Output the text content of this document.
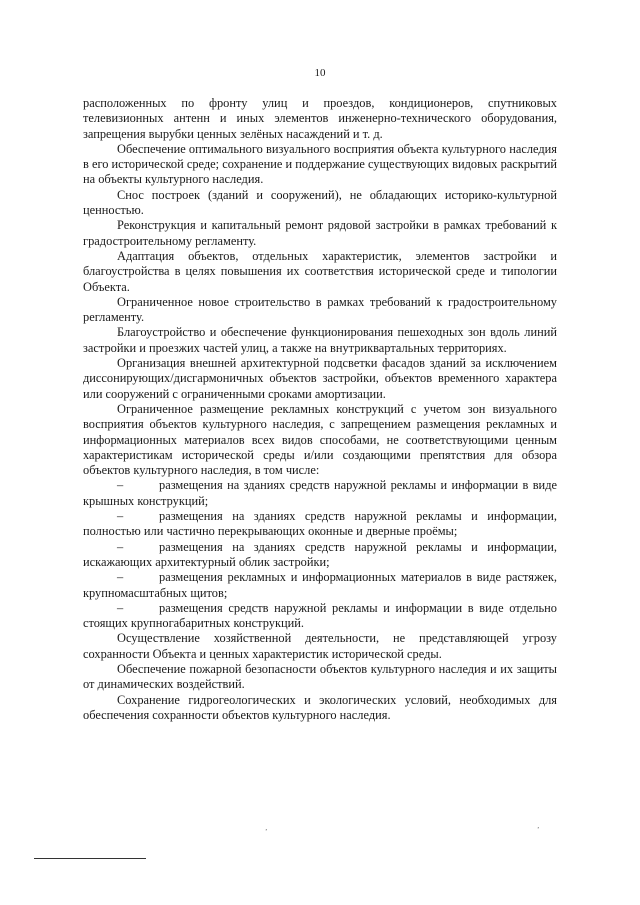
10

расположенных по фронту улиц и проездов, кондиционеров, спутниковых телевизионных антенн и иных элементов инженерно-технического оборудования, запрещения вырубки ценных зелёных насаждений и т. д.

Обеспечение оптимального визуального восприятия объекта культурного наследия в его исторической среде; сохранение и поддержание существующих видовых раскрытий на объекты культурного наследия.

Снос построек (зданий и сооружений), не обладающих историко-культурной ценностью.

Реконструкция и капитальный ремонт рядовой застройки в рамках требований к градостроительному регламенту.

Адаптация объектов, отдельных характеристик, элементов застройки и благоустройства в целях повышения их соответствия исторической среде и типологии Объекта.

Ограниченное новое строительство в рамках требований к градостроительному регламенту.

Благоустройство и обеспечение функционирования пешеходных зон вдоль линий застройки и проезжих частей улиц, а также на внутриквартальных территориях.

Организация внешней архитектурной подсветки фасадов зданий за исключением диссонирующих/дисгармоничных объектов застройки, объектов временного характера или сооружений с ограниченными сроками амортизации.

Ограниченное размещение рекламных конструкций с учетом зон визуального восприятия объектов культурного наследия, с запрещением размещения рекламных и информационных материалов всех видов способами, не соответствующими ценным характеристикам исторической среды и/или создающими препятствия для обзора объектов культурного наследия, в том числе:

–	размещения на зданиях средств наружной рекламы и информации в виде крышных конструкций;

–	размещения на зданиях средств наружной рекламы и информации, полностью или частично перекрывающих оконные и дверные проёмы;

–	размещения на зданиях средств наружной рекламы и информации, искажающих архитектурный облик застройки;

–	размещения рекламных и информационных материалов в виде растяжек, крупномасштабных щитов;

–	размещения средств наружной рекламы и информации в виде отдельно стоящих крупногабаритных конструкций.

Осуществление хозяйственной деятельности, не представляющей угрозу сохранности Объекта и ценных характеристик исторической среды.

Обеспечение пожарной безопасности объектов культурного наследия и их защиты от динамических воздействий.

Сохранение гидрогеологических и экологических условий, необходимых для обеспечения сохранности объектов культурного наследия.

ʼ	ʼ
